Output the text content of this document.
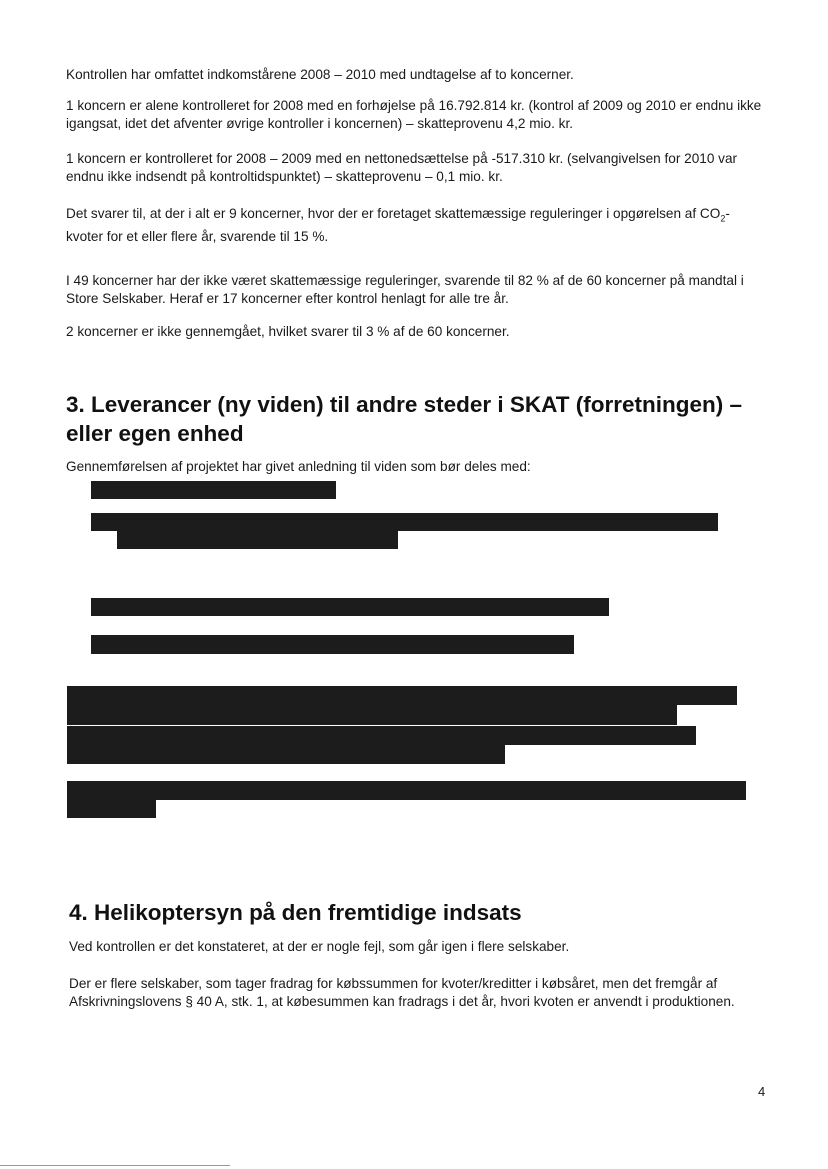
Kontrollen har omfattet indkomstårene 2008 – 2010 med undtagelse af to koncerner.

1 koncern er alene kontrolleret for 2008 med en forhøjelse på 16.792.814 kr. (kontrol af 2009 og 2010 er endnu ikke igangsat, idet det afventer øvrige kontroller i koncernen) – skatteprovenu 4,2 mio. kr.

1 koncern er kontrolleret for 2008 – 2009 med en nettonedsættelse på -517.310 kr. (selvangivelsen for 2010 var endnu ikke indsendt på kontroltidspunktet) – skatteprovenu – 0,1 mio. kr.

Det svarer til, at der i alt er 9 koncerner, hvor der er foretaget skattemæssige reguleringer i opgørelsen af $CO_2$-kvoter for et eller flere år, svarende til 15 %.

I 49 koncerner har der ikke været skattemæssige reguleringer, svarende til 82 % af de 60 koncerner på mandtal i Store Selskaber. Heraf er 17 koncerner efter kontrol henlagt for alle tre år.

2 koncerner er ikke gennemgået, hvilket svarer til 3 % af de 60 koncerner.

3. Leverancer (ny viden) til andre steder i SKAT (forretningen) – eller egen enhed

Gennemførelsen af projektet har givet anledning til viden som bør deles med:

4. Helikoptersyn på den fremtidige indsats

Ved kontrollen er det konstateret, at der er nogle fejl, som går igen i flere selskaber.

Der er flere selskaber, som tager fradrag for købssummen for kvoter/kreditter i købsåret, men det fremgår af Afskrivningslovens § 40 A, stk. 1, at købesummen kan fradrags i det år, hvori kvoten er anvendt i produktionen.

4
